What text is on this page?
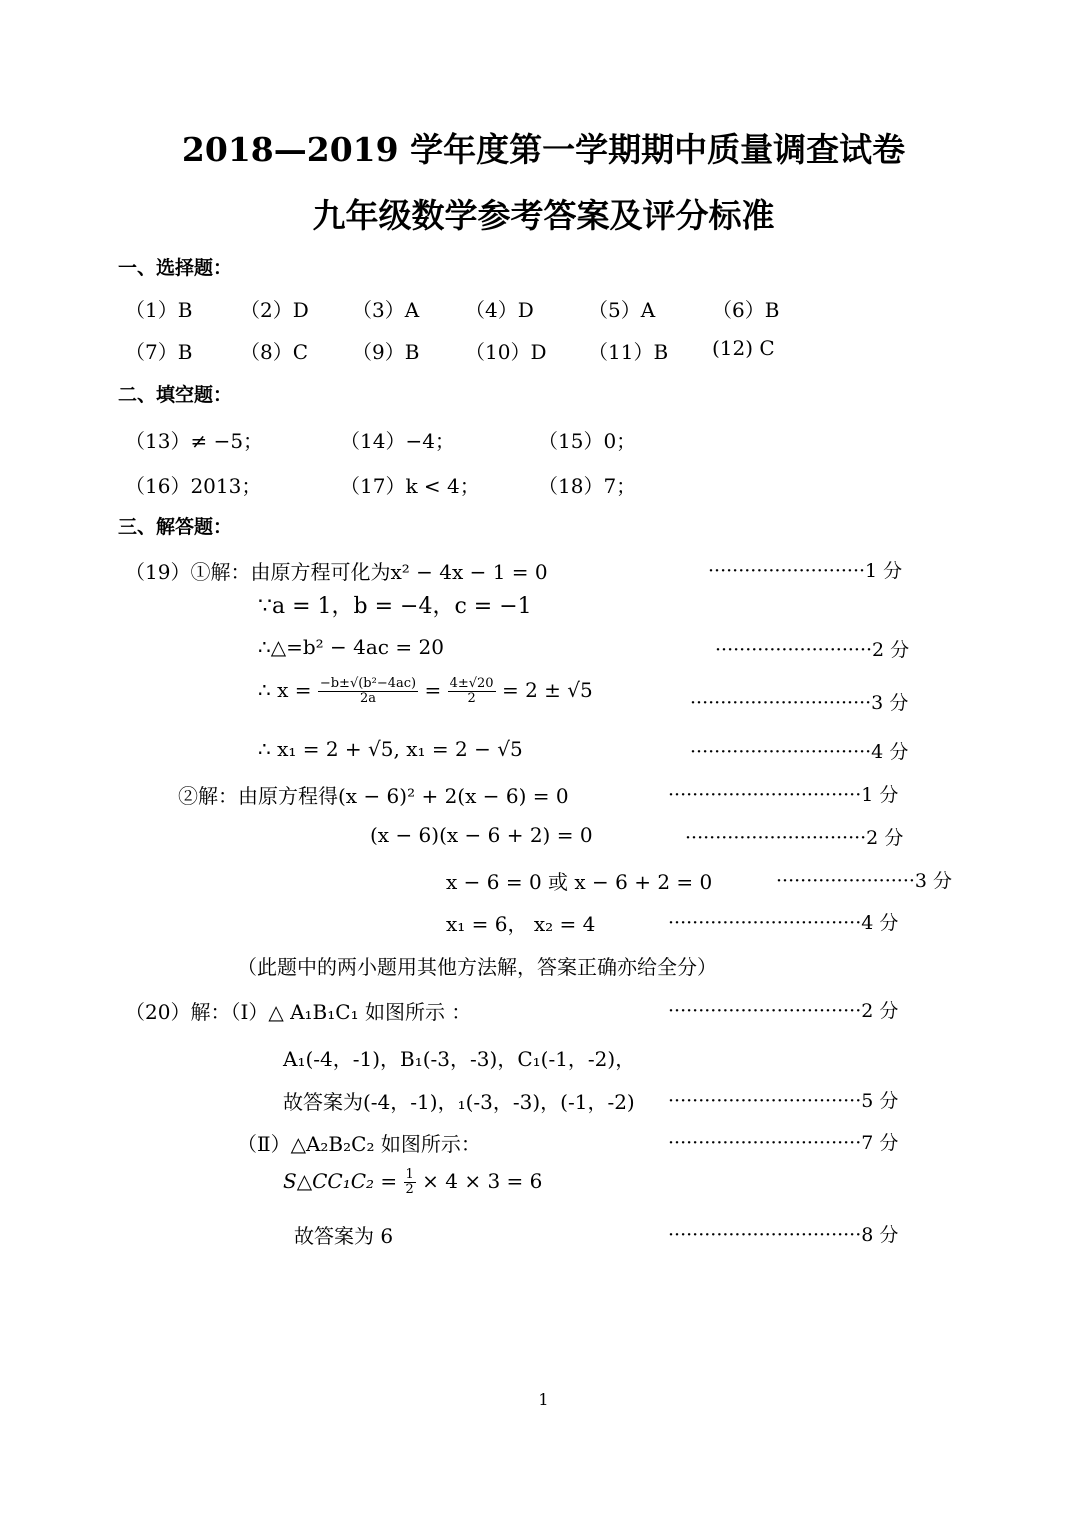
2018—2019 学年度第一学期期中质量调查试卷
九年级数学参考答案及评分标准
一、选择题：
（1）B （2）D （3）A （4）D	（5）A	（6）B
（7）B （8）C （9）B （10）D （11）B (12) C
二、填空题：
（13）≠ −5；	（14）−4；	（15）0；
（16）2013；	（17）k < 4；	（18）7；
三、解答题：
（19）①解：由原方程可化为x² − 4x − 1 = 0	··························1 分
∵a = 1，b = −4，c = −1
∴△=b² − 4ac = 20	··························2 分
∴ $x = \frac{\text{−b±√(b²−4ac)}}{2a} = \frac{4\pm√20}{2} = 2 \pm √5$
······························3 分
∴ x₁ = 2 + √5, x₁ = 2 − √5	······························4 分
②解：由原方程得(x − 6)² + 2(x − 6) = 0	································1 分
(x − 6)(x − 6 + 2) = 0	······························2 分
x − 6 = 0 或 x − 6 + 2 = 0	·······················3 分
x₁ = 6， x₂ = 4	································4 分
（此题中的两小题用其他方法解，答案正确亦给全分）
（20）解：（Ⅰ）△ A₁B₁C₁ 如图所示 ：	································2 分
A₁(-4，-1)，B₁(-3，-3)，C₁(-1，-2)，
故答案为(-4，-1)，₁(-3，-3)，(-1，-2) ································5 分
（Ⅱ）△A₂B₂C₂ 如图所示：	································7 分
S△CC₁C₂ = $\frac{1}{2} \times 4 \times 3 = 6$
故答案为 6	································8 分
1
